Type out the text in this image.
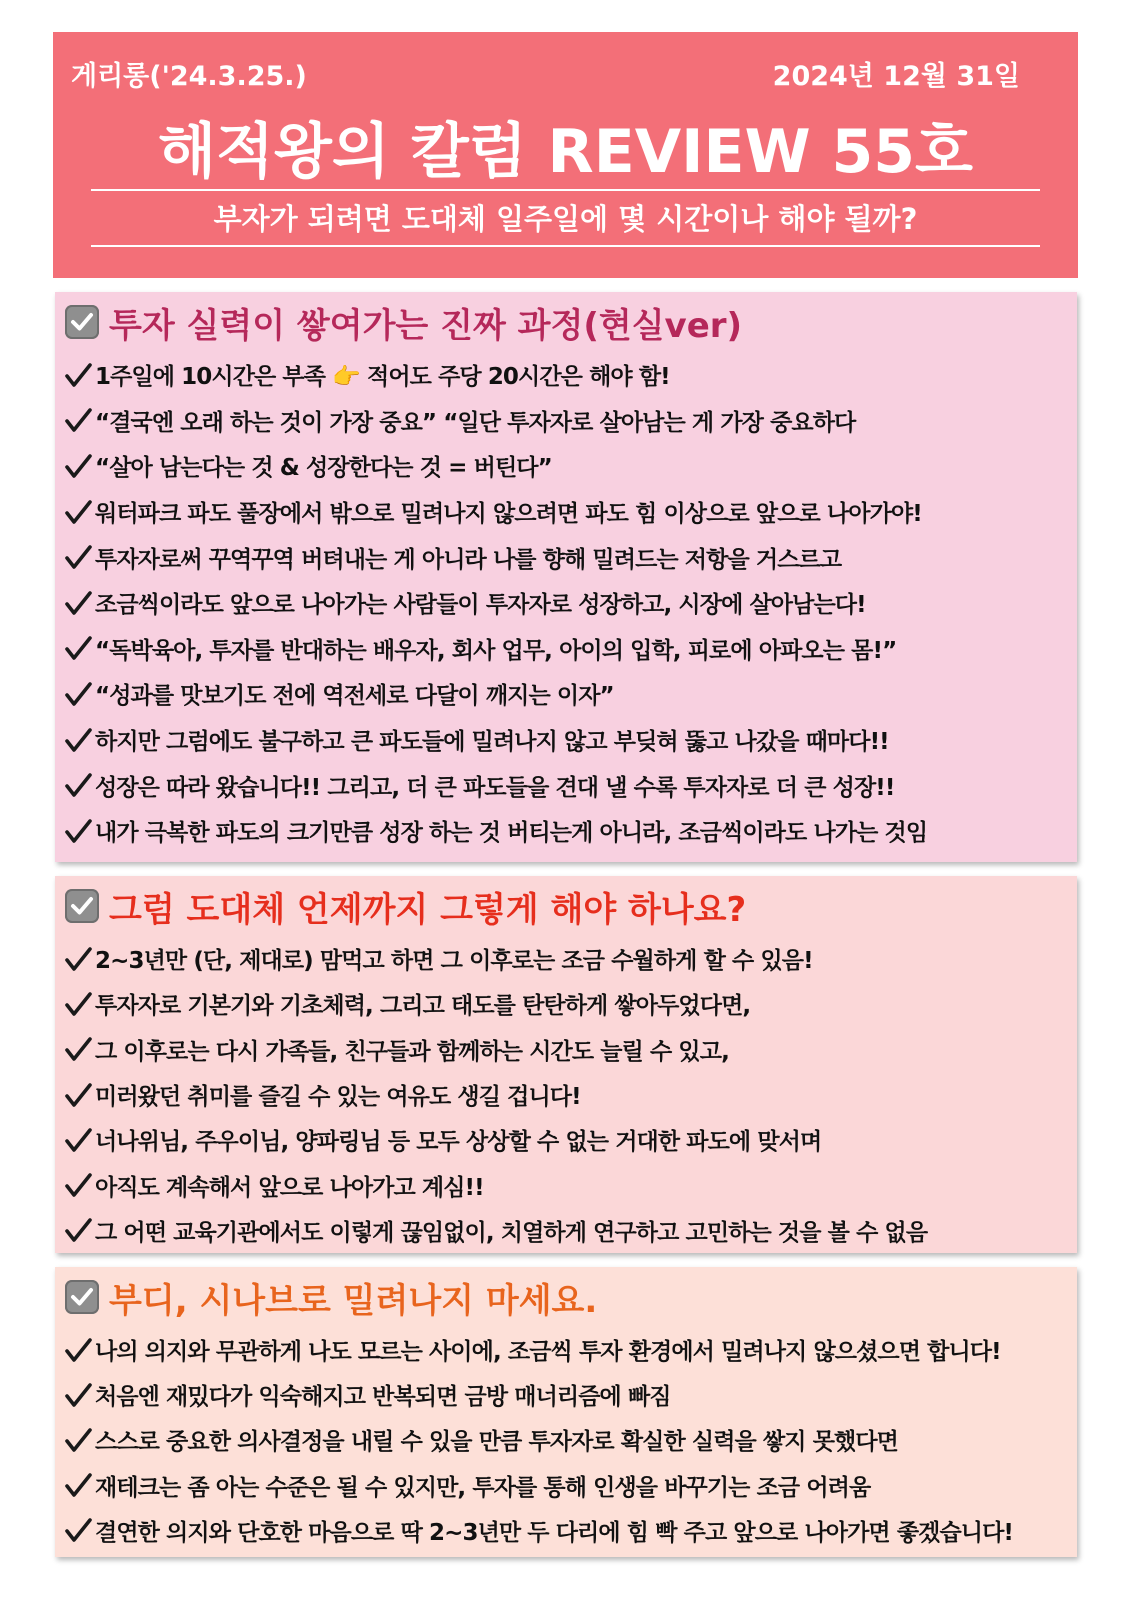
게리롱('24.3.25.)	2024년 12월 31일
해적왕의 칼럼 REVIEW 55호
부자가 되려면 도대체 일주일에 몇 시간이나 해야 될까?
투자 실력이 쌓여가는 진짜 과정(현실ver)
1주일에 10시간은 부족 👉 적어도 주당 20시간은 해야 함!
“결국엔 오래 하는 것이 가장 중요” “일단 투자자로 살아남는 게 가장 중요하다
“살아 남는다는 것 & 성장한다는 것 = 버틴다”
워터파크 파도 풀장에서 밖으로 밀려나지 않으려면 파도 힘 이상으로 앞으로 나아가야!
투자자로써 꾸역꾸역 버텨내는 게 아니라 나를 향해 밀려드는 저항을 거스르고
조금씩이라도 앞으로 나아가는 사람들이 투자자로 성장하고, 시장에 살아남는다!
“독박육아, 투자를 반대하는 배우자, 회사 업무, 아이의 입학, 피로에 아파오는 몸!”
“성과를 맛보기도 전에 역전세로 다달이 깨지는 이자”
하지만 그럼에도 불구하고 큰 파도들에 밀려나지 않고 부딪혀 뚫고 나갔을 때마다!!
성장은 따라 왔습니다!! 그리고, 더 큰 파도들을 견대 낼 수록 투자자로 더 큰 성장!!
내가 극복한 파도의 크기만큼 성장 하는 것 버티는게 아니라, 조금씩이라도 나가는 것임
그럼 도대체 언제까지 그렇게 해야 하나요?
2~3년만 (단, 제대로) 맘먹고 하면 그 이후로는 조금 수월하게 할 수 있음!
투자자로 기본기와 기초체력, 그리고 태도를 탄탄하게 쌓아두었다면,
그 이후로는 다시 가족들, 친구들과 함께하는 시간도 늘릴 수 있고,
미러왔던 취미를 즐길 수 있는 여유도 생길 겁니다!
너나위님, 주우이님, 양파링님 등 모두 상상할 수 없는 거대한 파도에 맞서며
아직도 계속해서 앞으로 나아가고 계심!!
그 어떤 교육기관에서도 이렇게 끊임없이, 치열하게 연구하고 고민하는 것을 볼 수 없음
부디, 시나브로 밀려나지 마세요.
나의 의지와 무관하게 나도 모르는 사이에, 조금씩 투자 환경에서 밀려나지 않으셨으면 합니다!
처음엔 재밌다가 익숙해지고 반복되면 금방 매너리즘에 빠짐
스스로 중요한 의사결정을 내릴 수 있을 만큼 투자자로 확실한 실력을 쌓지 못했다면
재테크는 좀 아는 수준은 될 수 있지만, 투자를 통해 인생을 바꾸기는 조금 어려움
결연한 의지와 단호한 마음으로 딱 2~3년만 두 다리에 힘 빡 주고 앞으로 나아가면 좋겠습니다!
